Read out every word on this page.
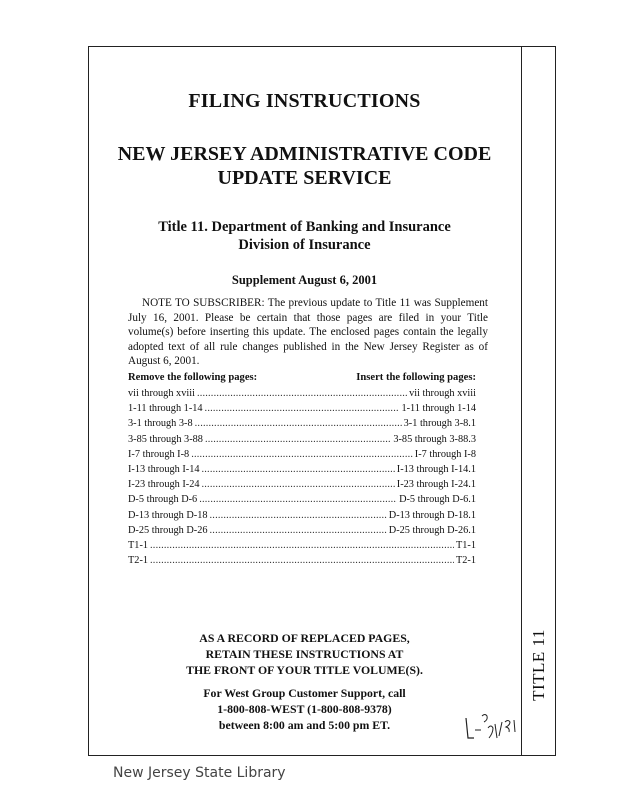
FILING INSTRUCTIONS
NEW JERSEY ADMINISTRATIVE CODE
UPDATE SERVICE
Title 11. Department of Banking and Insurance
Division of Insurance
Supplement August 6, 2001
NOTE TO SUBSCRIBER: The previous update to Title 11 was Supplement July 16, 2001. Please be certain that those pages are filed in your Title volume(s) before inserting this update. The enclosed pages contain the legally adopted text of all rule changes published in the New Jersey Register as of August 6, 2001.
Remove the following pages:	Insert the following pages:
vii through xviii .....	vii through xviii
1-11 through 1-14 .....	1-11 through 1-14
3-1 through 3-8 .....	3-1 through 3-8.1
3-85 through 3-88 .....	3-85 through 3-88.3
I-7 through I-8 .....	I-7 through I-8
I-13 through I-14 .....	I-13 through I-14.1
I-23 through I-24 .....	I-23 through I-24.1
D-5 through D-6 .....	D-5 through D-6.1
D-13 through D-18 .....	D-13 through D-18.1
D-25 through D-26 .....	D-25 through D-26.1
T1-1 .....	T1-1
T2-1 .....	T2-1
AS A RECORD OF REPLACED PAGES,
RETAIN THESE INSTRUCTIONS AT
THE FRONT OF YOUR TITLE VOLUME(S).
For West Group Customer Support, call
1-800-808-WEST (1-800-808-9378)
between 8:00 am and 5:00 pm ET.
TITLE 11
New Jersey State Library
